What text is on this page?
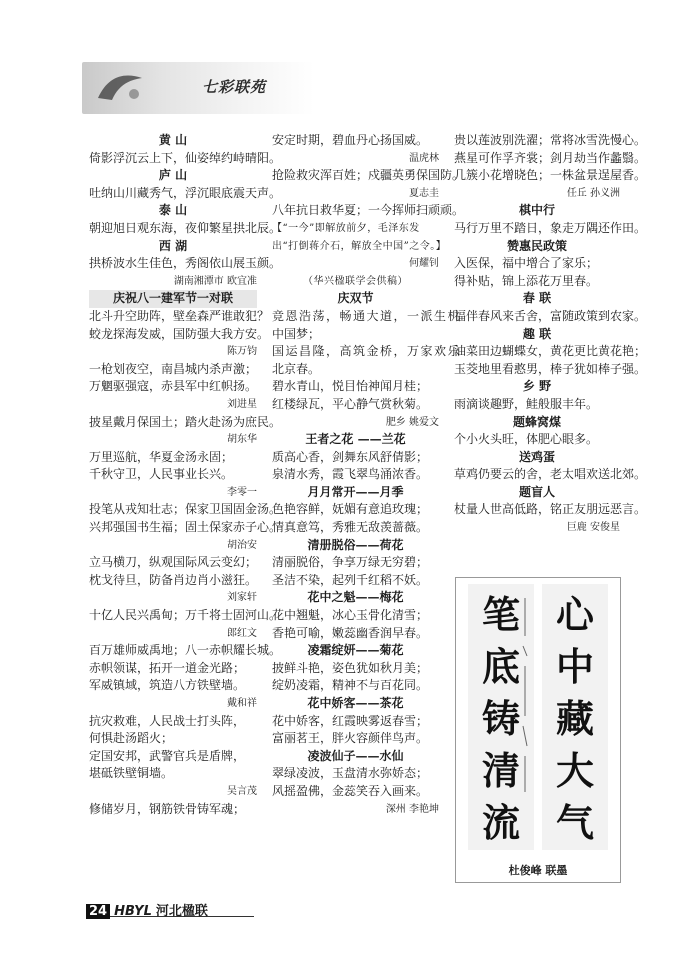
七彩联苑
黄 山
倚影浮沉云上下，仙姿绰约峙晴阳。
庐 山
吐纳山川藏秀气，浮沉眼底震天声。
泰 山
朝迎旭日观东海，夜仰繁星拱北辰。
西 湖
拱桥波水生佳色，秀阁依山展玉颜。
湖南湘潭市 欧宜准
庆祝八一建军节一对联
北斗升空助阵，壁垒森严谁敢犯？
蛟龙探海发威，国防强大我方安。
陈万钧
一枪划夜空，南昌城内杀声激；
万魍驱强寇，赤县军中红帜扬。
刘进星
披星戴月保国土；踏火赴汤为庶民。
胡东华
万里巡航，华夏金汤永固；
千秋守卫，人民事业长兴。
李零一
投笔从戎知壮志；保家卫国固金汤。
兴邦强国书生福；固土保家赤子心。
胡治安
立马横刀，纵观国际风云变幻；
枕戈待旦，防备肖边肖小滋狂。
刘家轩
十亿人民兴禹甸；万千将士固河山。
郎红文
百万雄师威禹地；八一赤帜耀长城。
赤帜领谋，拓开一道金光路；
军威镇域，筑造八方铁壁墙。
戴和祥
抗灾救难，人民战士打头阵，
何惧赴汤蹈火；
定国安邦，武警官兵是盾牌，
堪砥铁壁铜墙。
吴言茂
修储岁月，钢筋铁骨铸军魂；
安定时期，碧血丹心扬国威。
温虎林
抢险救灾浑百姓；戍疆英勇保国防。
夏志圭
八年抗日救华夏；一今挥师扫顽顽。
【“一今”即解放前夕，毛泽东发
出“打倒蒋介石，解放全中国”之令。】
何耀钊
（华兴楹联学会供稿）
庆双节
竞恩浩荡，畅通大道，一派生机
中国梦；
国运昌隆，高筑金桥，万家欢乐
北京春。
碧水青山，悦目怡神闻月桂；
红楼绿瓦，平心静气赏秋菊。
肥乡 姚爱文
王者之花 ——兰花
质高心香，剑舞东风舒倩影；
泉清水秀，霞飞翠鸟涌浓香。
月月常开——月季
色艳容鲜，妩媚有意追玫瑰；
情真意笃，秀雅无敌羡蔷薇。
清册脱俗——荷花
清丽脱俗，争享万绿无穷碧；
圣洁不染，起列千红稻不妖。
花中之魁——梅花
花中翘魁，冰心玉骨化清雪；
香艳可喻，嫩蕊幽香润早春。
凌霜绽妍——菊花
披鲜斗艳，姿色犹如秋月美；
绽奶凌霜，精神不与百花同。
花中娇客——茶花
花中娇客，红霞映雾返春雪；
富丽茗王，胖火容颜伴鸟声。
凌波仙子——水仙
翠绿凌波，玉盘清水弥娇态；
风摇盈佛，金蕊笑吞入画来。
深州 李艳坤
贵以莲波别洗濯；常将冰雪洗慢心。
燕星可作孚齐裳；剑月劫当作蠡翳。
几簇小花增晓色；一株盆景逞屋香。
任丘 孙义洲
棋中行
马行万里不踏日，象走万隅还作田。
赞惠民政策
入医保，福中增合了家乐；
得补贴，锦上添花万里春。
春 联
福伴春风来舌舍，富随政策到农家。
趣 联
油菜田边蝴蝶女，黄花更比黄花艳；
玉茭地里看憨男，棒子犹如棒子强。
乡 野
雨滴谈趣野，鲑般服丰年。
题蜂窝煤
个小火头旺，体肥心眼多。
送鸡蛋
草鸡仍要云的舍，老太唱欢送北郊。
题盲人
杖量人世高低路，铭正友朋远恶言。
巨鹿 安俊星
笔
底
铸
清
流
心
中
藏
大
气
杜俊峰 联墨
24 HBYL 河北楹联
